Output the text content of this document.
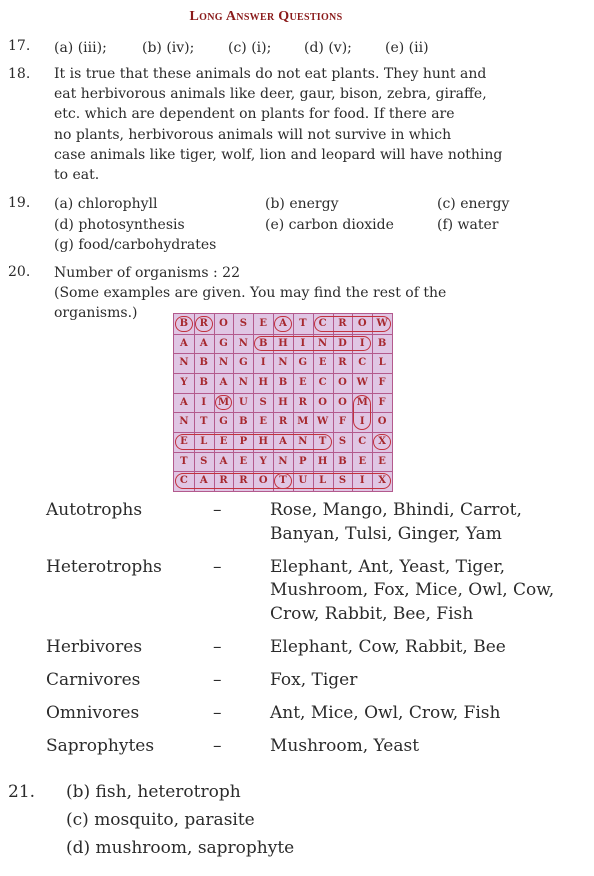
Long Answer Questions
17. (a) (iii);	(b) (iv); (c) (i); (d) (v); (e) (ii)
18. It is true that these animals do not eat plants. They hunt and
eat herbivorous animals like deer, gaur, bison, zebra, giraffe,
etc. which are dependent on plants for food. If there are
no plants, herbivorous animals will not survive in which
case animals like tiger, wolf, lion and leopard will have nothing
to eat.
19. (a) chlorophyll	(b) energy	(c) energy
(d) photosynthesis	(e) carbon dioxide	(f) water
(g) food/carbohydrates
20. Number of organisms : 22
(Some examples are given. You may find the rest of the
organisms.)
B	R	O	S	E	A	T	C	R	O W
A	A	G	N	B	H	I	N	D	I	B
N	B	N	G	I	N	G	E	R	C	L
Y	B	A	N	H	B	E	C	O W	F
A	I	M U	S	H	R	O	O M	F
N	T	G	B	E	R	M W	F	I	O
E	L	E	P	H	A	N	T	S	C	X
T	S	A	E	Y	N	P	H	B	E	E
C	A	R	R	O	T	U	L	S	I	X
Autotrophs	–	Rose, Mango, Bhindi, Carrot,
Banyan, Tulsi, Ginger, Yam
Heterotrophs	–	Elephant, Ant, Yeast, Tiger,
Mushroom, Fox, Mice, Owl, Cow,
Crow, Rabbit, Bee, Fish
Herbivores	–	Elephant, Cow, Rabbit, Bee
Carnivores	–	Fox, Tiger
Omnivores	–	Ant, Mice, Owl, Crow, Fish
Saprophytes	–	Mushroom, Yeast
21. (b) fish, heterotroph
(c) mosquito, parasite
(d) mushroom, saprophyte
